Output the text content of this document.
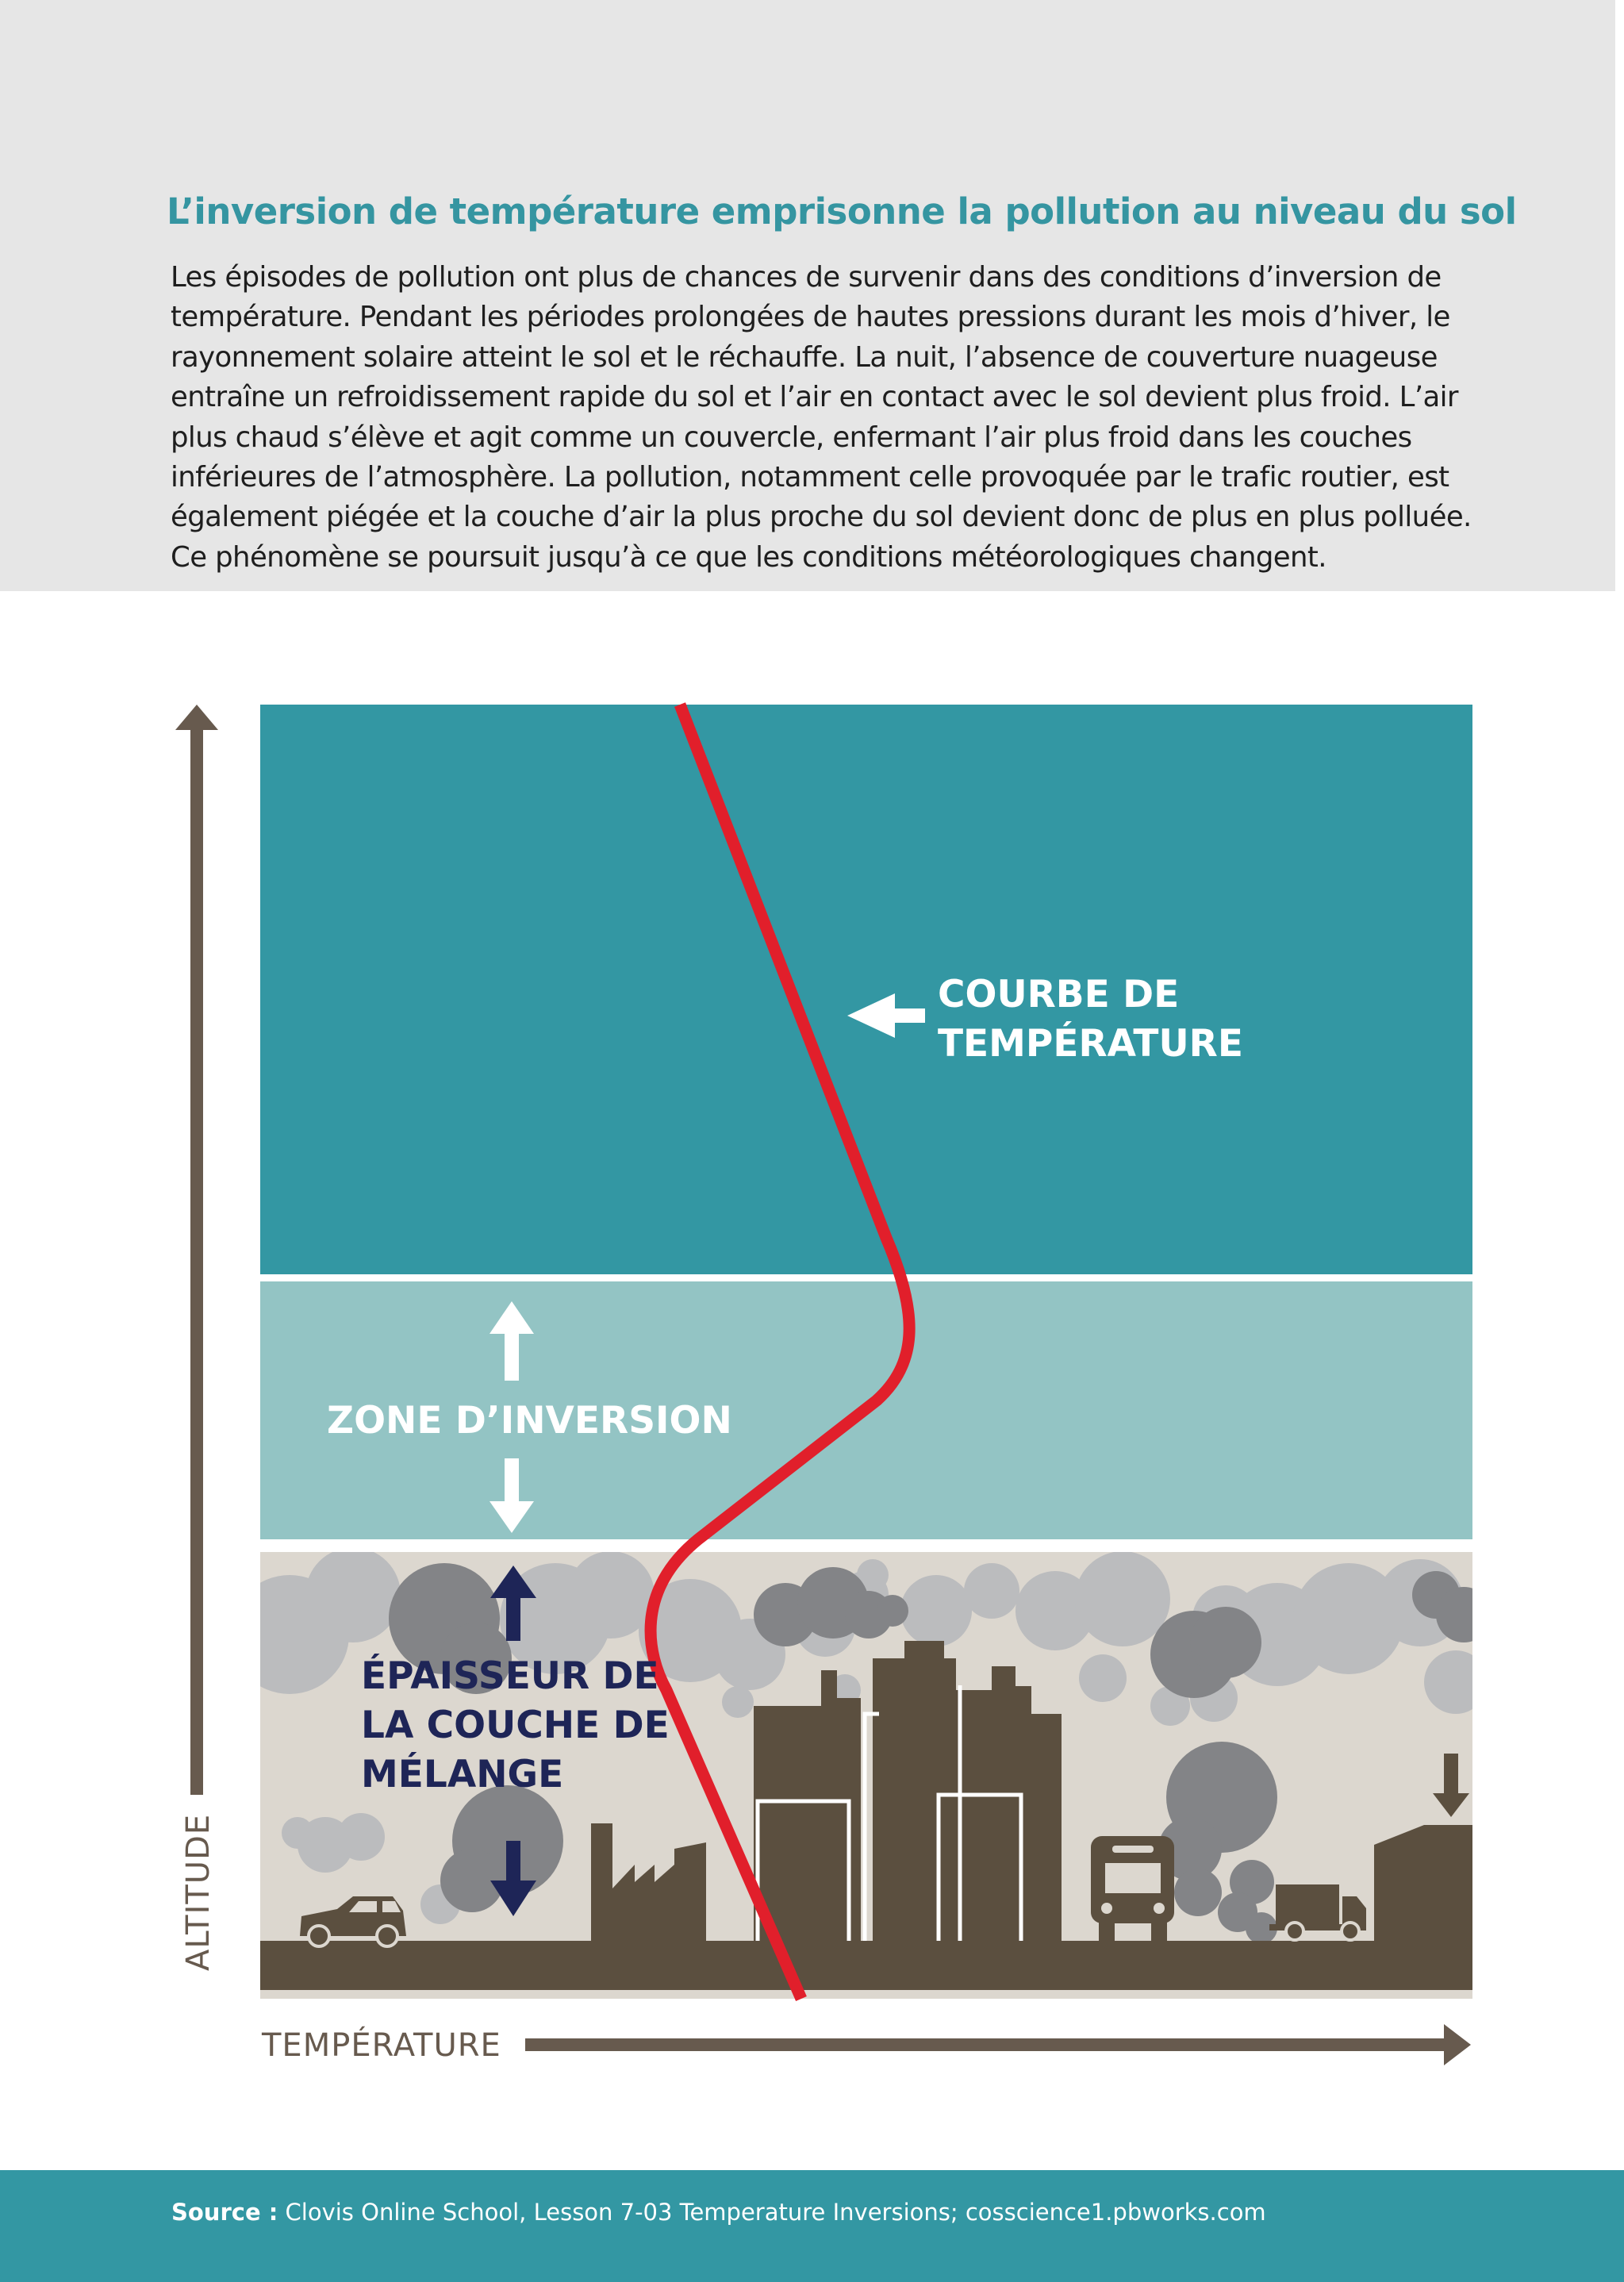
L’inversion de température emprisonne la pollution au niveau du sol

Les épisodes de pollution ont plus de chances de survenir dans des conditions d’inversion de température. Pendant les périodes prolongées de hautes pressions durant les mois d’hiver, le rayonnement solaire atteint le sol et le réchauffe. La nuit, l’absence de couverture nuageuse entraîne un refroidissement rapide du sol et l’air en contact avec le sol devient plus froid. L’air plus chaud s’élève et agit comme un couvercle, enfermant l’air plus froid dans les couches inférieures de l’atmosphère. La pollution, notamment celle provoquée par le trafic routier, est également piégée et la couche d’air la plus proche du sol devient donc de plus en plus polluée. Ce phénomène se poursuit jusqu’à ce que les conditions météorologiques changent.

COURBE DE TEMPÉRATURE
ZONE D’INVERSION
ÉPAISSEUR DE LA COUCHE DE MÉLANGE
ALTITUDE
TEMPÉRATURE

Source : Clovis Online School, Lesson 7-03 Temperature Inversions; cosscience1.pbworks.com
